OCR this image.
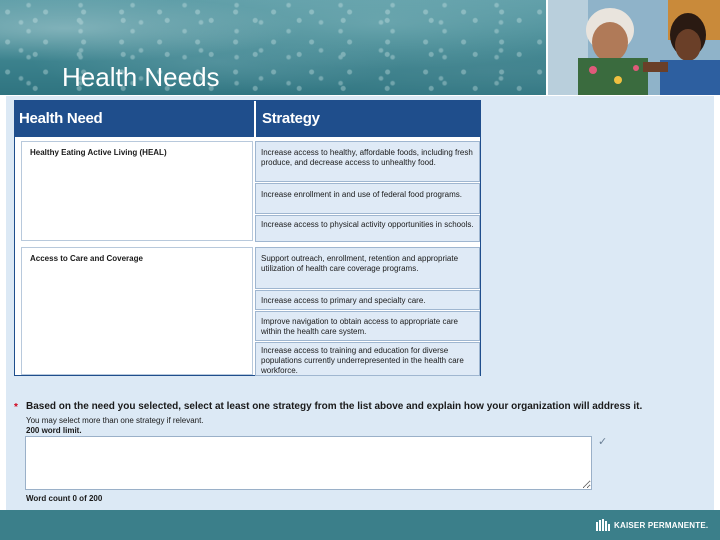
Health Needs
Health Need	Strategy
Healthy Eating Active Living (HEAL)	Increase access to healthy, affordable foods, including fresh produce, and decrease access to unhealthy food.
Increase enrollment in and use of federal food programs.
Increase access to physical activity opportunities in schools.
Access to Care and Coverage	Support outreach, enrollment, retention and appropriate utilization of health care coverage programs.
Increase access to primary and specialty care.
Improve navigation to obtain access to appropriate care within the health care system.
Increase access to training and education for diverse populations currently underrepresented in the health care workforce.
* Based on the need you selected, select at least one strategy from the list above and explain how your organization will address it.
You may select more than one strategy if relevant.
200 word limit.
✓
Word count 0 of 200
KAISER PERMANENTE.
